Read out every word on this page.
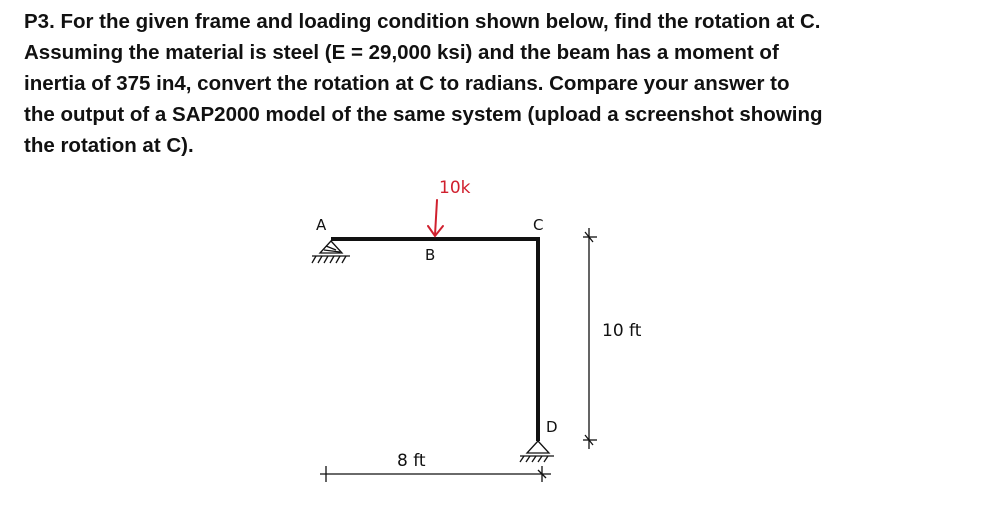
P3. For the given frame and loading condition shown below, find the rotation at C.
Assuming the material is steel (E = 29,000 ksi) and the beam has a moment of
inertia of 375 in4, convert the rotation at C to radians. Compare your answer to
the output of a SAP2000 model of the same system (upload a screenshot showing
the rotation at C).

10k
A
B
C
D
8 ft
10 ft
